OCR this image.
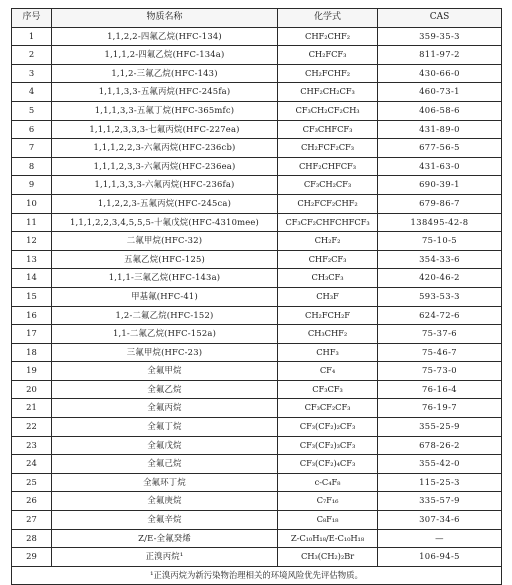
序号	物质名称	化学式	CAS
1	1,1,2,2-四氟乙烷(HFC-134)	CHF₂CHF₂	359-35-3
2	1,1,1,2-四氟乙烷(HFC-134a)	CH₂FCF₃	811-97-2
3	1,1,2-三氟乙烷(HFC-143)	CH₂FCHF₂	430-66-0
4	1,1,1,3,3-五氟丙烷(HFC-245fa)	CHF₂CH₂CF₃	460-73-1
5	1,1,1,3,3-五氟丁烷(HFC-365mfc)	CF₃CH₂CF₂CH₃	406-58-6
6	1,1,1,2,3,3,3-七氟丙烷(HFC-227ea)	CF₃CHFCF₃	431-89-0
7	1,1,1,2,2,3-六氟丙烷(HFC-236cb)	CH₂FCF₂CF₃	677-56-5
8	1,1,1,2,3,3-六氟丙烷(HFC-236ea)	CHF₂CHFCF₃	431-63-0
9	1,1,1,3,3,3-六氟丙烷(HFC-236fa)	CF₃CH₂CF₃	690-39-1
10	1,1,2,2,3-五氟丙烷(HFC-245ca)	CH₂FCF₂CHF₂	679-86-7
11	1,1,1,2,2,3,4,5,5,5-十氟戊烷(HFC-4310mee)	CF₃CF₂CHFCHFCF₃	138495-42-8
12	二氟甲烷(HFC-32)	CH₂F₂	75-10-5
13	五氟乙烷(HFC-125)	CHF₂CF₃	354-33-6
14	1,1,1-三氟乙烷(HFC-143a)	CH₃CF₃	420-46-2
15	甲基氟(HFC-41)	CH₃F	593-53-3
16	1,2-二氟乙烷(HFC-152)	CH₂FCH₂F	624-72-6
17	1,1-二氟乙烷(HFC-152a)	CH₃CHF₂	75-37-6
18	三氟甲烷(HFC-23)	CHF₃	75-46-7
19	全氟甲烷	CF₄	75-73-0
20	全氟乙烷	CF₃CF₃	76-16-4
21	全氟丙烷	CF₃CF₂CF₃	76-19-7
22	全氟丁烷	CF₃(CF₂)₂CF₃	355-25-9
23	全氟戊烷	CF₃(CF₂)₃CF₃	678-26-2
24	全氟己烷	CF₃(CF₂)₄CF₃	355-42-0
25	全氟环丁烷	c-C₄F₈	115-25-3
26	全氟庚烷	C₇F₁₆	335-57-9
27	全氟辛烷	C₈F₁₈	307-34-6
28	Z/E-全氟癸烯	Z-C₁₀H₁₈/E-C₁₀H₁₈	—
29	正溴丙烷¹	CH₃(CH₂)₂Br	106-94-5
¹正溴丙烷为新污染物治理相关的环境风险优先评估物质。			
